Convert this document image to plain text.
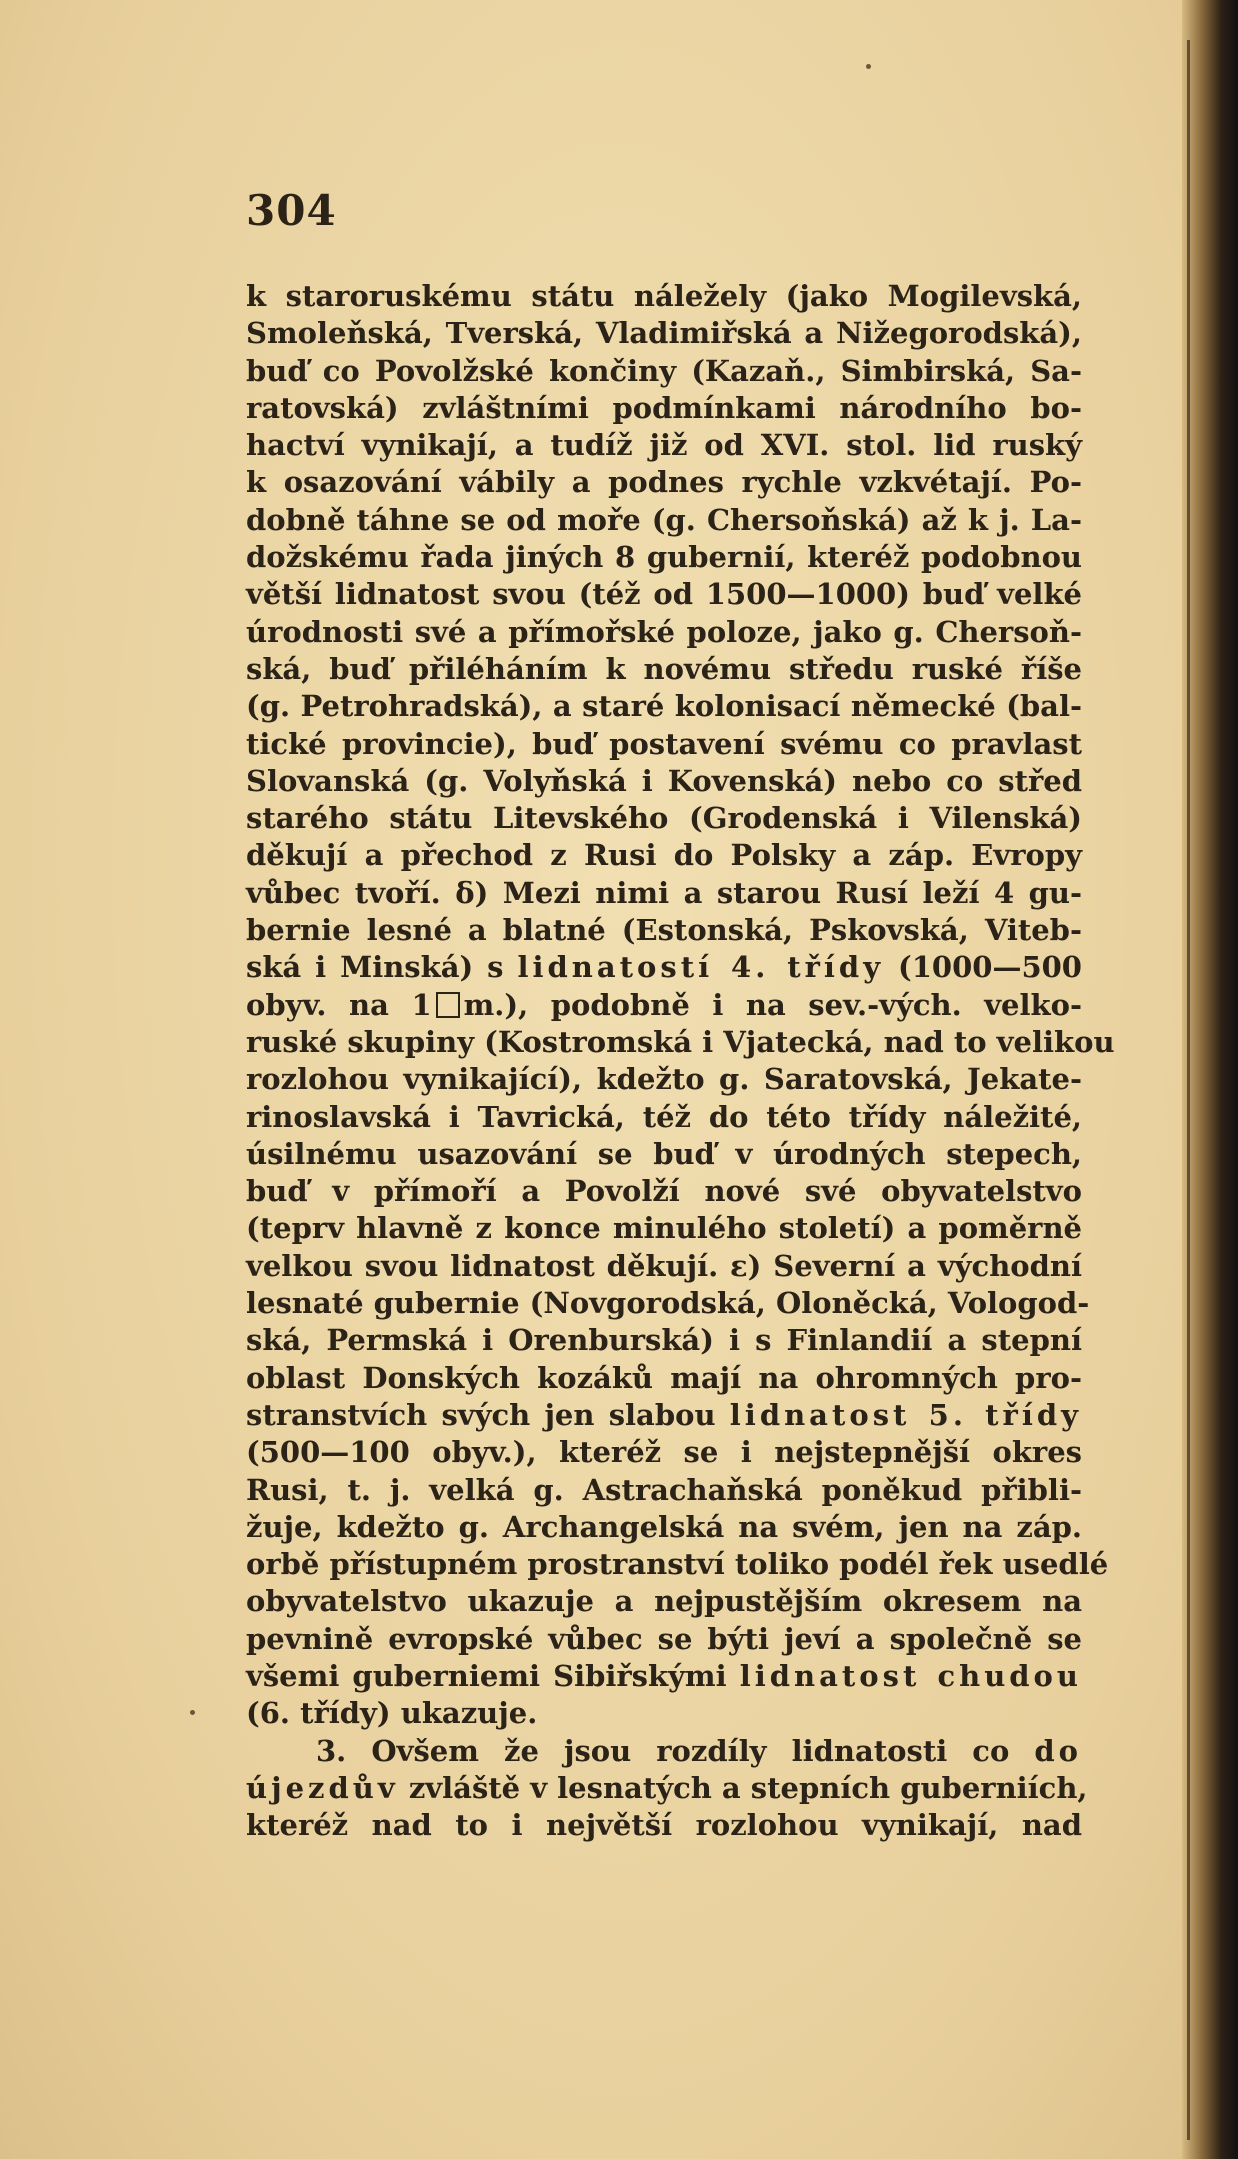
304
k staroruskému státu náležely (jako Mogilevská,
Smoleňská, Tverská, Vladimiřská a Nižegorodská),
buď co Povolžské končiny (Kazaň., Simbirská, Sa-
ratovská) zvláštními podmínkami národního bo-
hactví vynikají, a tudíž již od XVI. stol. lid ruský
k osazování vábily a podnes rychle vzkvétají. Po-
dobně táhne se od moře (g. Chersoňská) až k j. La-
dožskému řada jiných 8 gubernií, kteréž podobnou
větší lidnatost svou (též od 1500—1000) buď velké
úrodnosti své a přímořské poloze, jako g. Chersoň-
ská, buď přiléháním k novému středu ruské říše
(g. Petrohradská), a staré kolonisací německé (bal-
tické provincie), buď postavení svému co pravlast
Slovanská (g. Volyňská i Kovenská) nebo co střed
starého státu Litevského (Grodenská i Vilenská)
děkují a přechod z Rusi do Polsky a záp. Evropy
vůbec tvoří. δ) Mezi nimi a starou Rusí leží 4 gu-
bernie lesné a blatné (Estonská, Pskovská, Viteb-
ská i Minská) s lidnatostí 4. třídy (1000—500
obyv. na 1 m.), podobně i na sev.-vých. velko-
ruské skupiny (Kostromská i Vjatecká, nad to velikou
rozlohou vynikající), kdežto g. Saratovská, Jekate-
rinoslavská i Tavrická, též do této třídy náležité,
úsilnému usazování se buď v úrodných stepech,
buď v přímoří a Povolží nové své obyvatelstvo
(teprv hlavně z konce minulého století) a poměrně
velkou svou lidnatost děkují. ε) Severní a východní
lesnaté gubernie (Novgorodská, Oloněcká, Vologod-
ská, Permská i Orenburská) i s Finlandií a stepní
oblast Donských kozáků mají na ohromných pro-
stranstvích svých jen slabou lidnatost 5. třídy
(500—100 obyv.), kteréž se i nejstepnější okres
Rusi, t. j. velká g. Astrachaňská poněkud přibli-
žuje, kdežto g. Archangelská na svém, jen na záp.
orbě přístupném prostranství toliko podél řek usedlé
obyvatelstvo ukazuje a nejpustějším okresem na
pevnině evropské vůbec se býti jeví a společně se
všemi guberniemi Sibiřskými lidnatost chudou
(6. třídy) ukazuje.
3. Ovšem že jsou rozdíly lidnatosti co do
újezdův zvláště v lesnatých a stepních guberniích,
kteréž nad to i největší rozlohou vynikají, nad
